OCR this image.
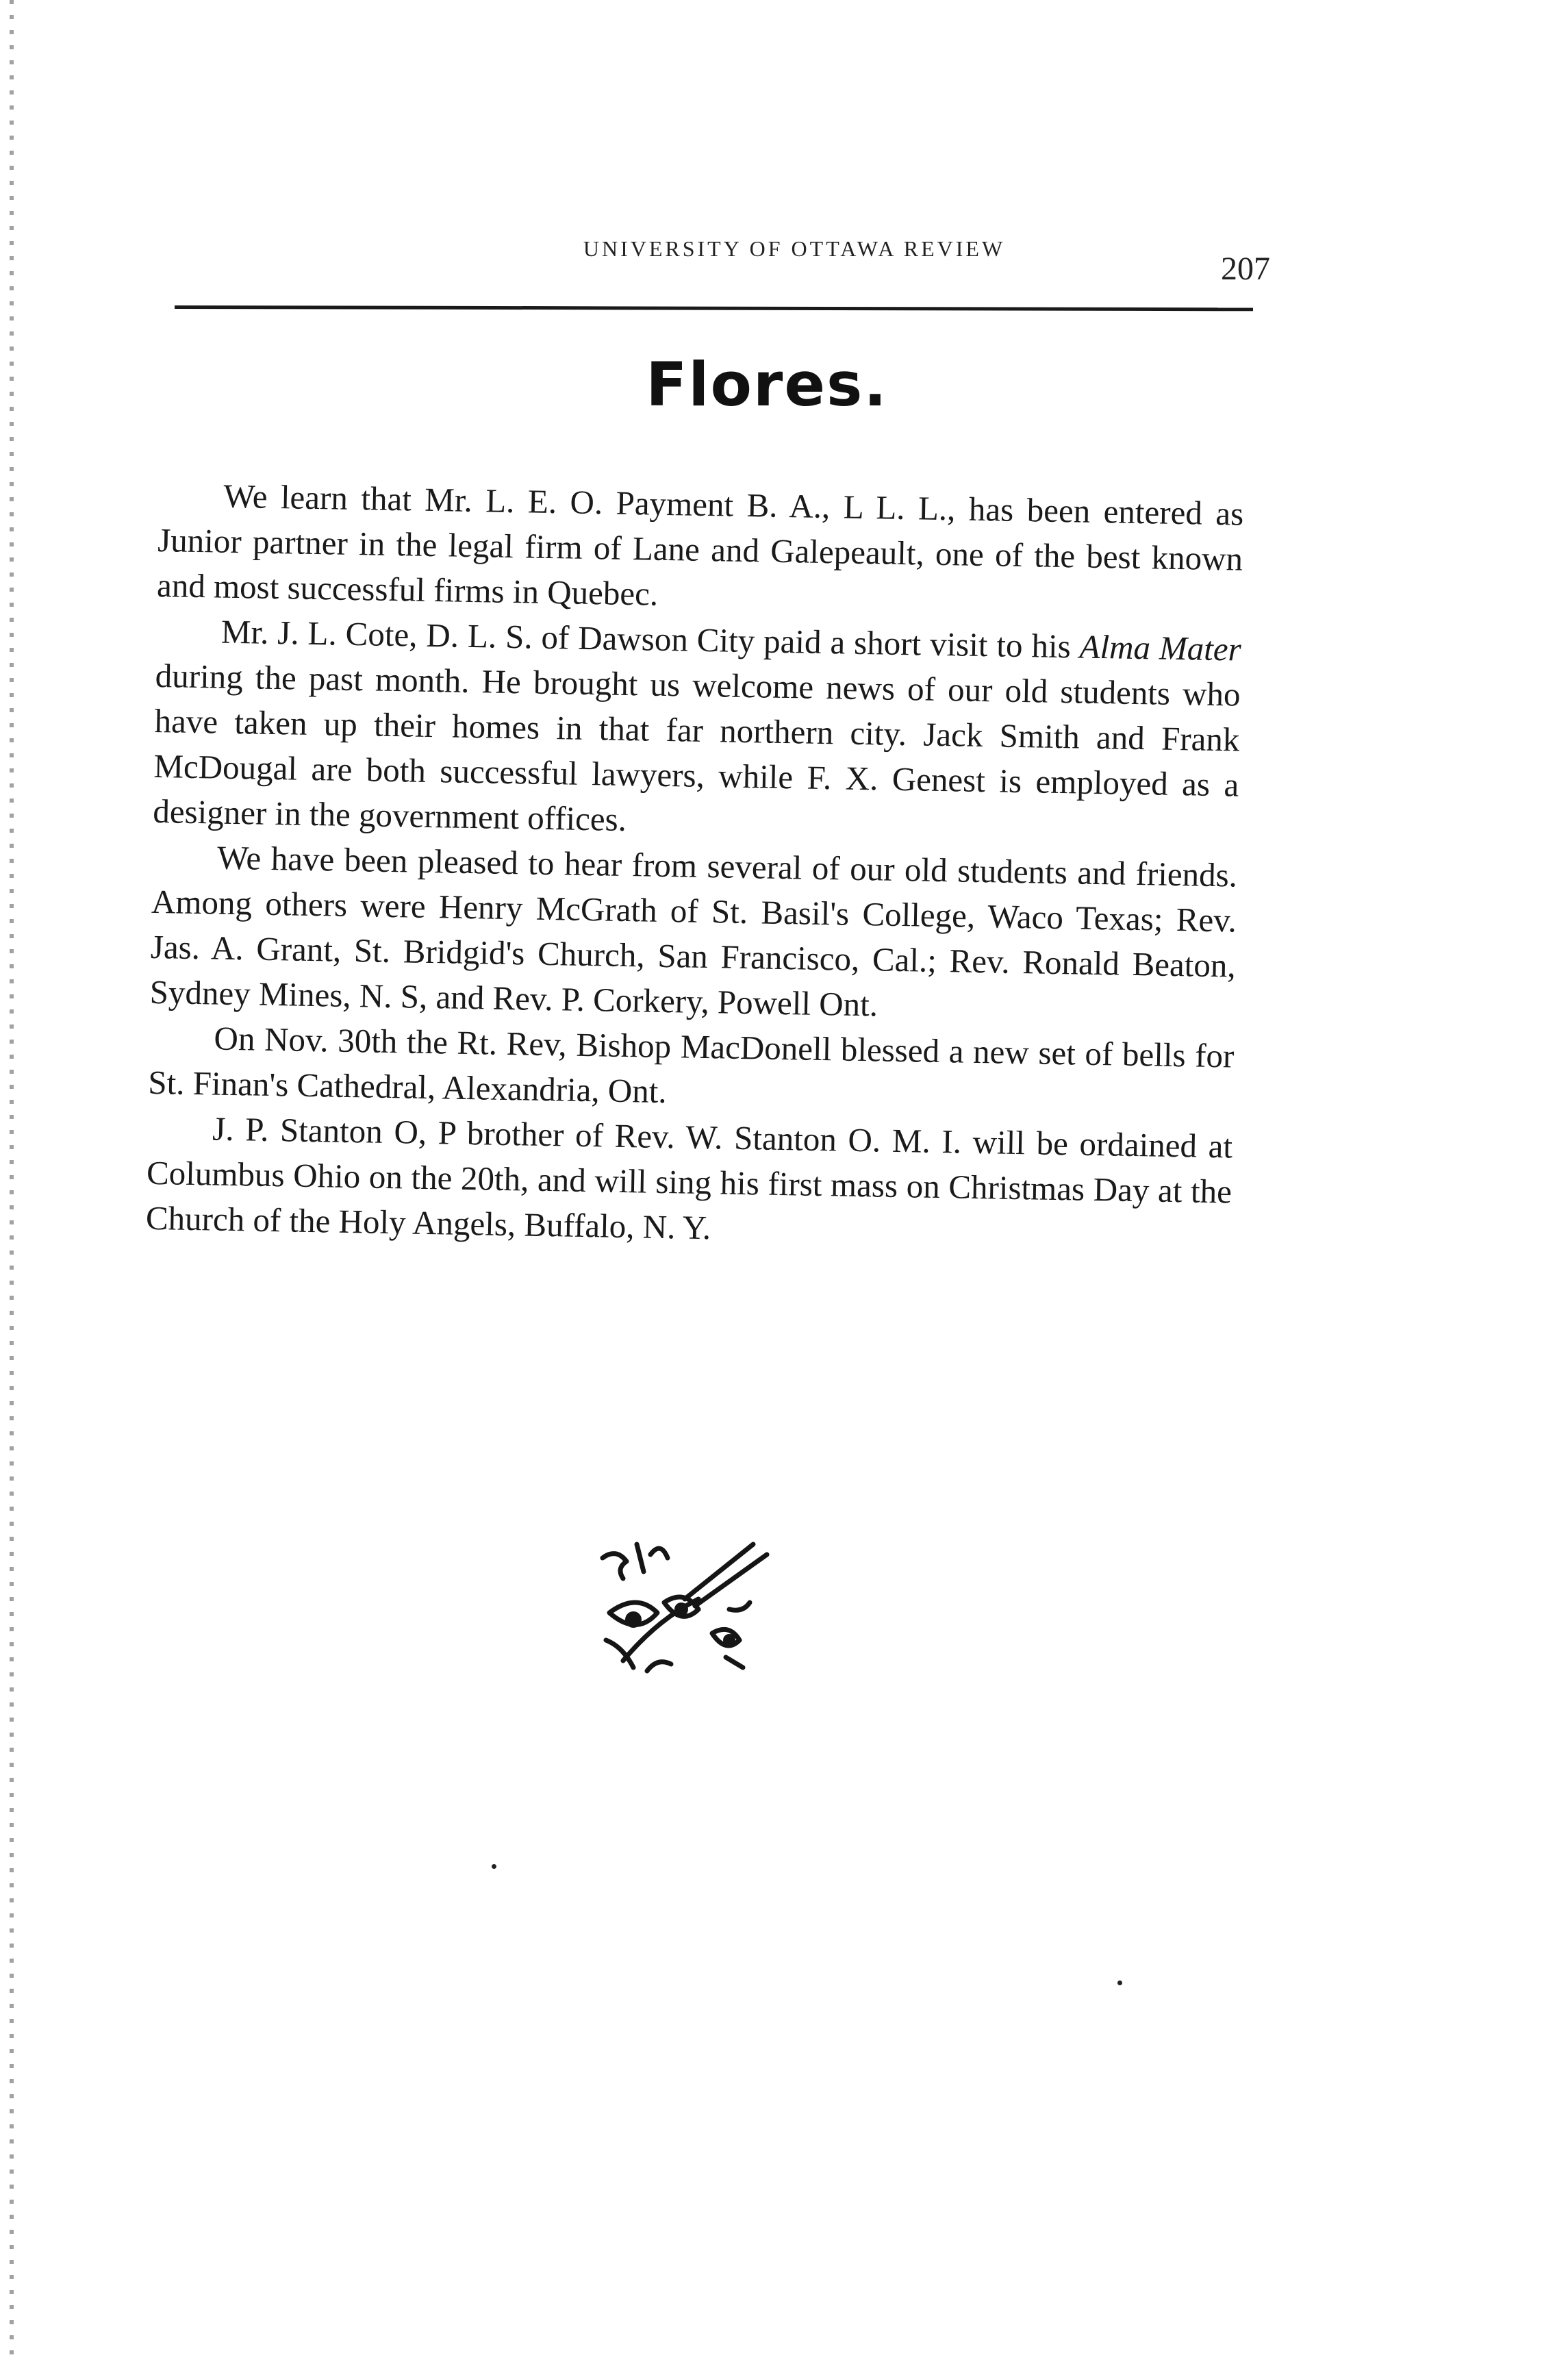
UNIVERSITY OF OTTAWA REVIEW
207
Flores.

We learn that Mr. L. E. O. Payment B. A., L L. L., has been entered as Junior partner in the legal firm of Lane and Galepeault, one of the best known and most successful firms in Quebec.

Mr. J. L. Cote, D. L. S. of Dawson City paid a short visit to his Alma Mater during the past month. He brought us welcome news of our old students who have taken up their homes in that far northern city. Jack Smith and Frank McDougal are both successful lawyers, while F. X. Genest is employed as a designer in the government offices.

We have been pleased to hear from several of our old students and friends. Among others were Henry McGrath of St. Basil's College, Waco Texas; Rev. Jas. A. Grant, St. Bridgid's Church, San Francisco, Cal.; Rev. Ronald Beaton, Sydney Mines, N. S, and Rev. P. Corkery, Powell Ont.

On Nov. 30th the Rt. Rev, Bishop MacDonell blessed a new set of bells for St. Finan's Cathedral, Alexandria, Ont.

J. P. Stanton O, P brother of Rev. W. Stanton O. M. I. will be ordained at Columbus Ohio on the 20th, and will sing his first mass on Christmas Day at the Church of the Holy Angels, Buffalo, N. Y.
